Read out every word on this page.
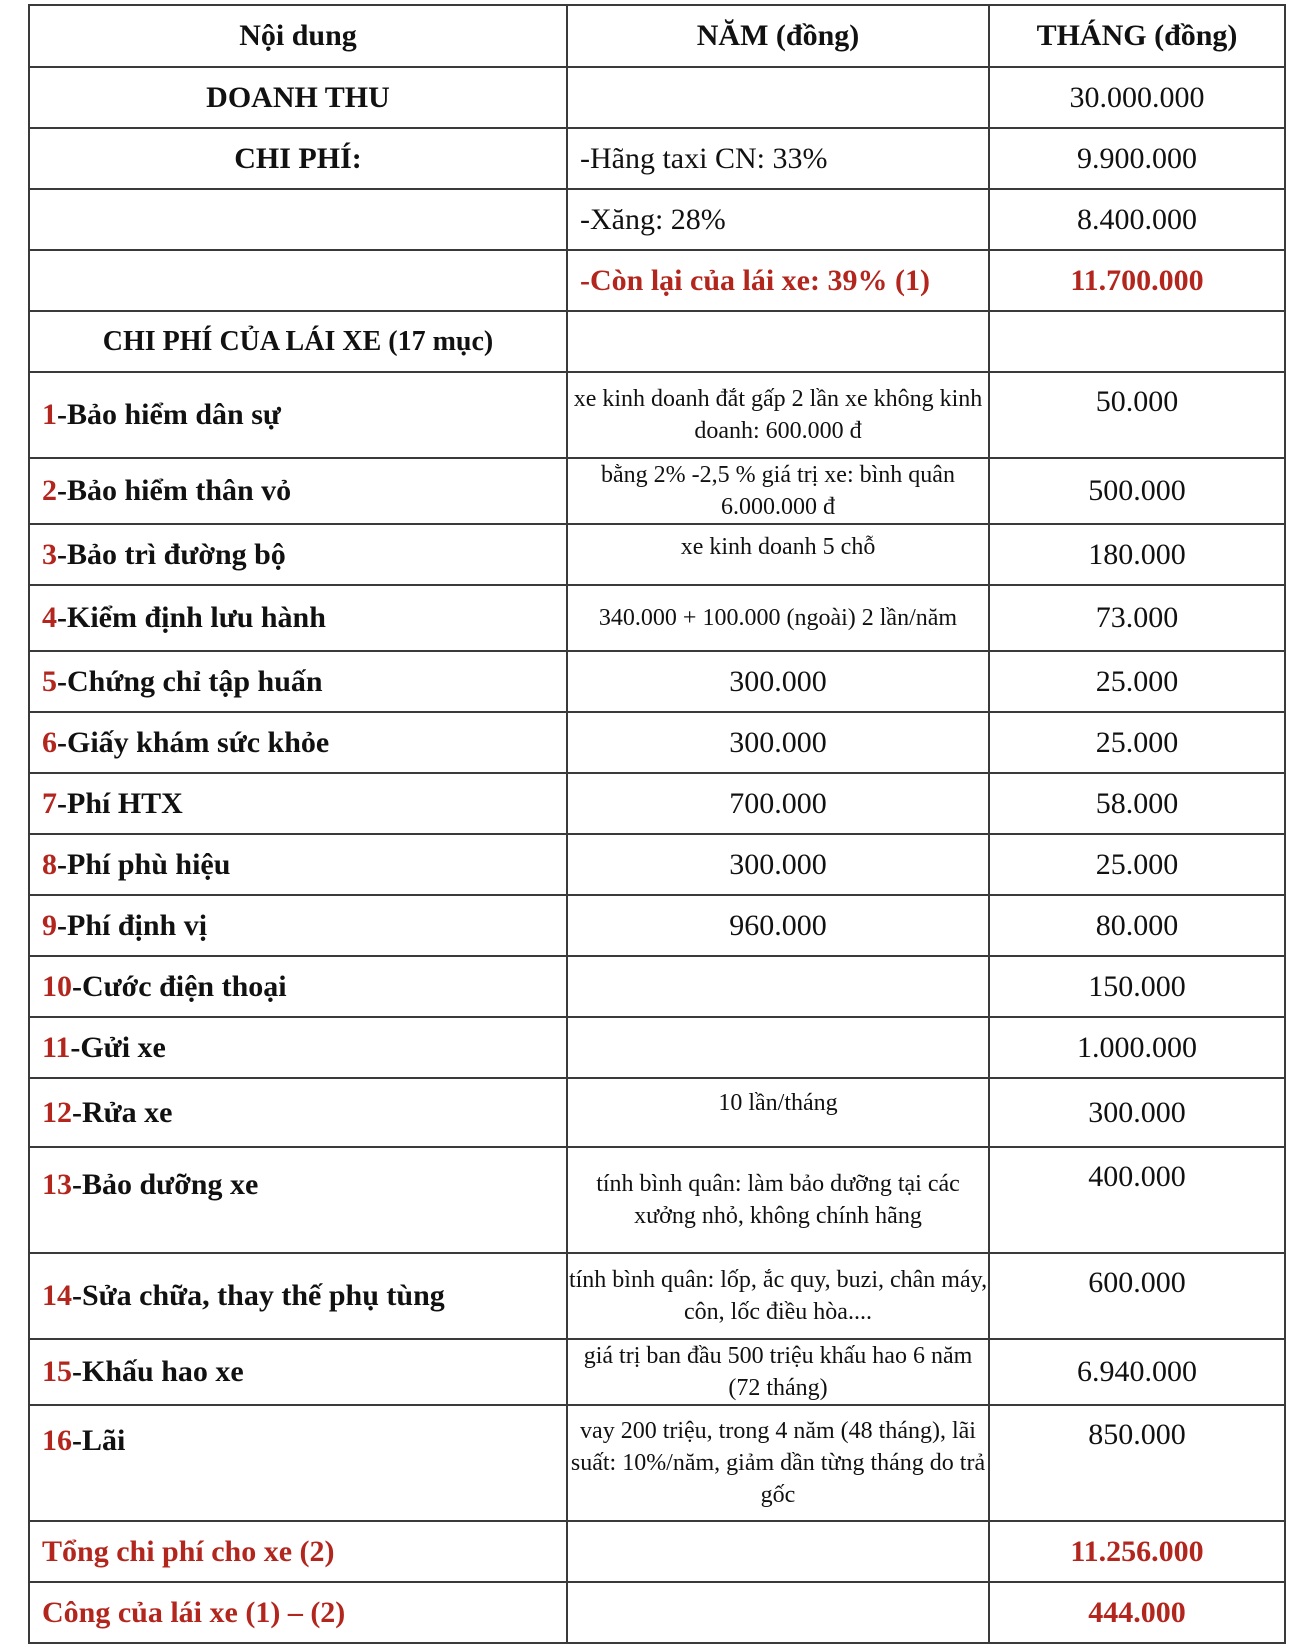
Nội dung	NĂM (đồng)	THÁNG (đồng)
DOANH THU		30.000.000
CHI PHÍ:	-Hãng taxi CN: 33%	9.900.000
	-Xăng: 28%	8.400.000
	-Còn lại của lái xe: 39% (1)	11.700.000
CHI PHÍ CỦA LÁI XE (17 mục)		
1-Bảo hiểm dân sự	xe kinh doanh đắt gấp 2 lần xe không kinh doanh: 600.000 đ	50.000
2-Bảo hiểm thân vỏ	bằng 2% -2,5 % giá trị xe: bình quân 6.000.000 đ	500.000
3-Bảo trì đường bộ	xe kinh doanh 5 chỗ	180.000
4-Kiểm định lưu hành	340.000 + 100.000 (ngoài) 2 lần/năm	73.000
5-Chứng chỉ tập huấn	300.000	25.000
6-Giấy khám sức khỏe	300.000	25.000
7-Phí HTX	700.000	58.000
8-Phí phù hiệu	300.000	25.000
9-Phí định vị	960.000	80.000
10-Cước điện thoại		150.000
11-Gửi xe		1.000.000
12-Rửa xe	10 lần/tháng	300.000
13-Bảo dưỡng xe	tính bình quân: làm bảo dưỡng tại các xưởng nhỏ, không chính hãng	400.000
14-Sửa chữa, thay thế phụ tùng	tính bình quân: lốp, ắc quy, buzi, chân máy, côn, lốc điều hòa....	600.000
15-Khấu hao xe	giá trị ban đầu 500 triệu khấu hao 6 năm (72 tháng)	6.940.000
16-Lãi	vay 200 triệu, trong 4 năm (48 tháng), lãi suất: 10%/năm, giảm dần từng tháng do trả gốc	850.000
Tổng chi phí cho xe (2)		11.256.000
Công của lái xe (1) – (2)		444.000
